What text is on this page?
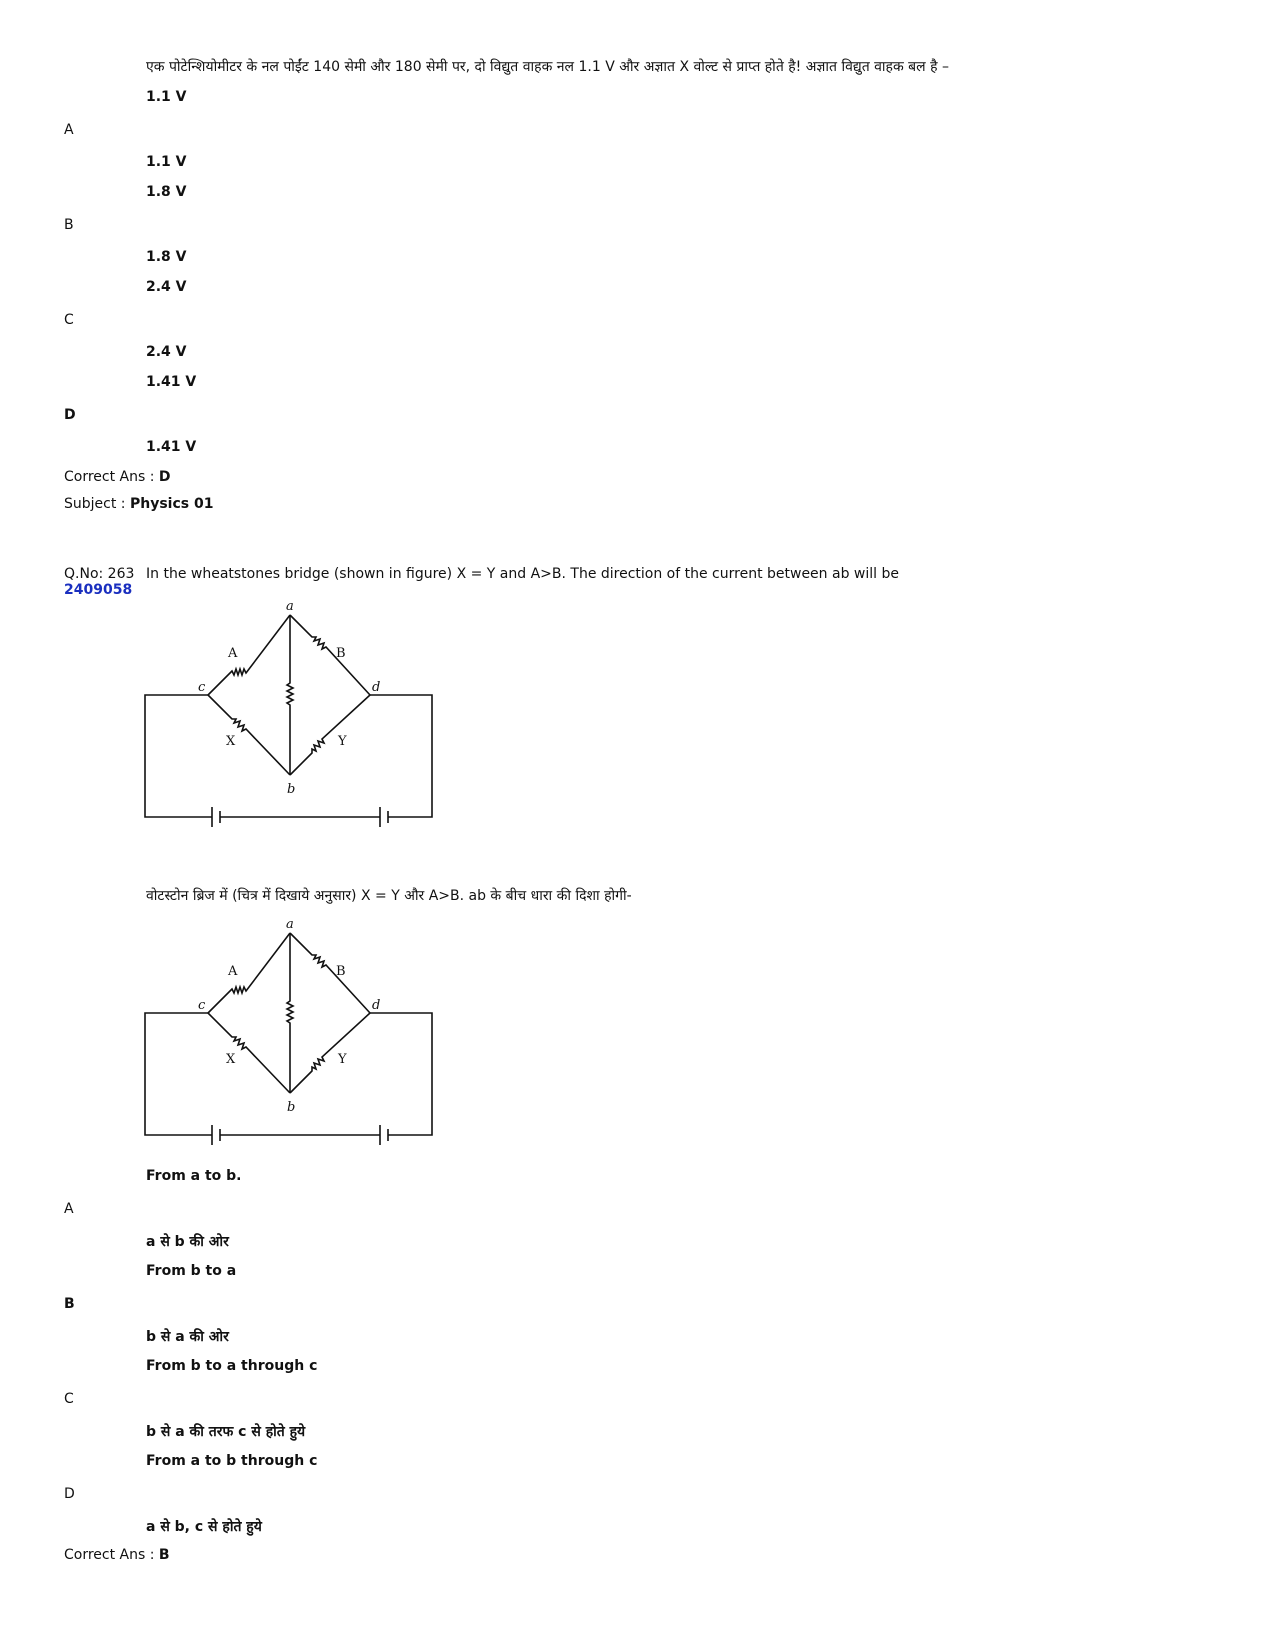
एक पोटेन्शियोमीटर के नल पोईंट 140 सेमी और 180 सेमी पर, दो विद्युत वाहक नल 1.1 V और अज्ञात X वोल्ट से प्राप्त होते है! अज्ञात विद्युत वाहक बल है –
1.1 V
A
1.1 V
1.8 V
B
1.8 V
2.4 V
C
2.4 V
1.41 V
D
1.41 V
Correct Ans : D
Subject : Physics 01
Q.No: 263
2409058
In the wheatstones bridge (shown in figure) X = Y and A>B. The direction of the current between ab will be
a
b
c	d
A	B
X	Y
वोटस्टोन ब्रिज में (चित्र में दिखाये अनुसार) X = Y और A>B. ab के बीच धारा की दिशा होगी-
a
b
c	d
A	B
X	Y
From a to b.
A
a से b की ओर
From b to a
B
b से a की ओर
From b to a through c
C
b से a की तरफ c से होते हुये
From a to b through c
D
a से b, c से होते हुये
Correct Ans : B
